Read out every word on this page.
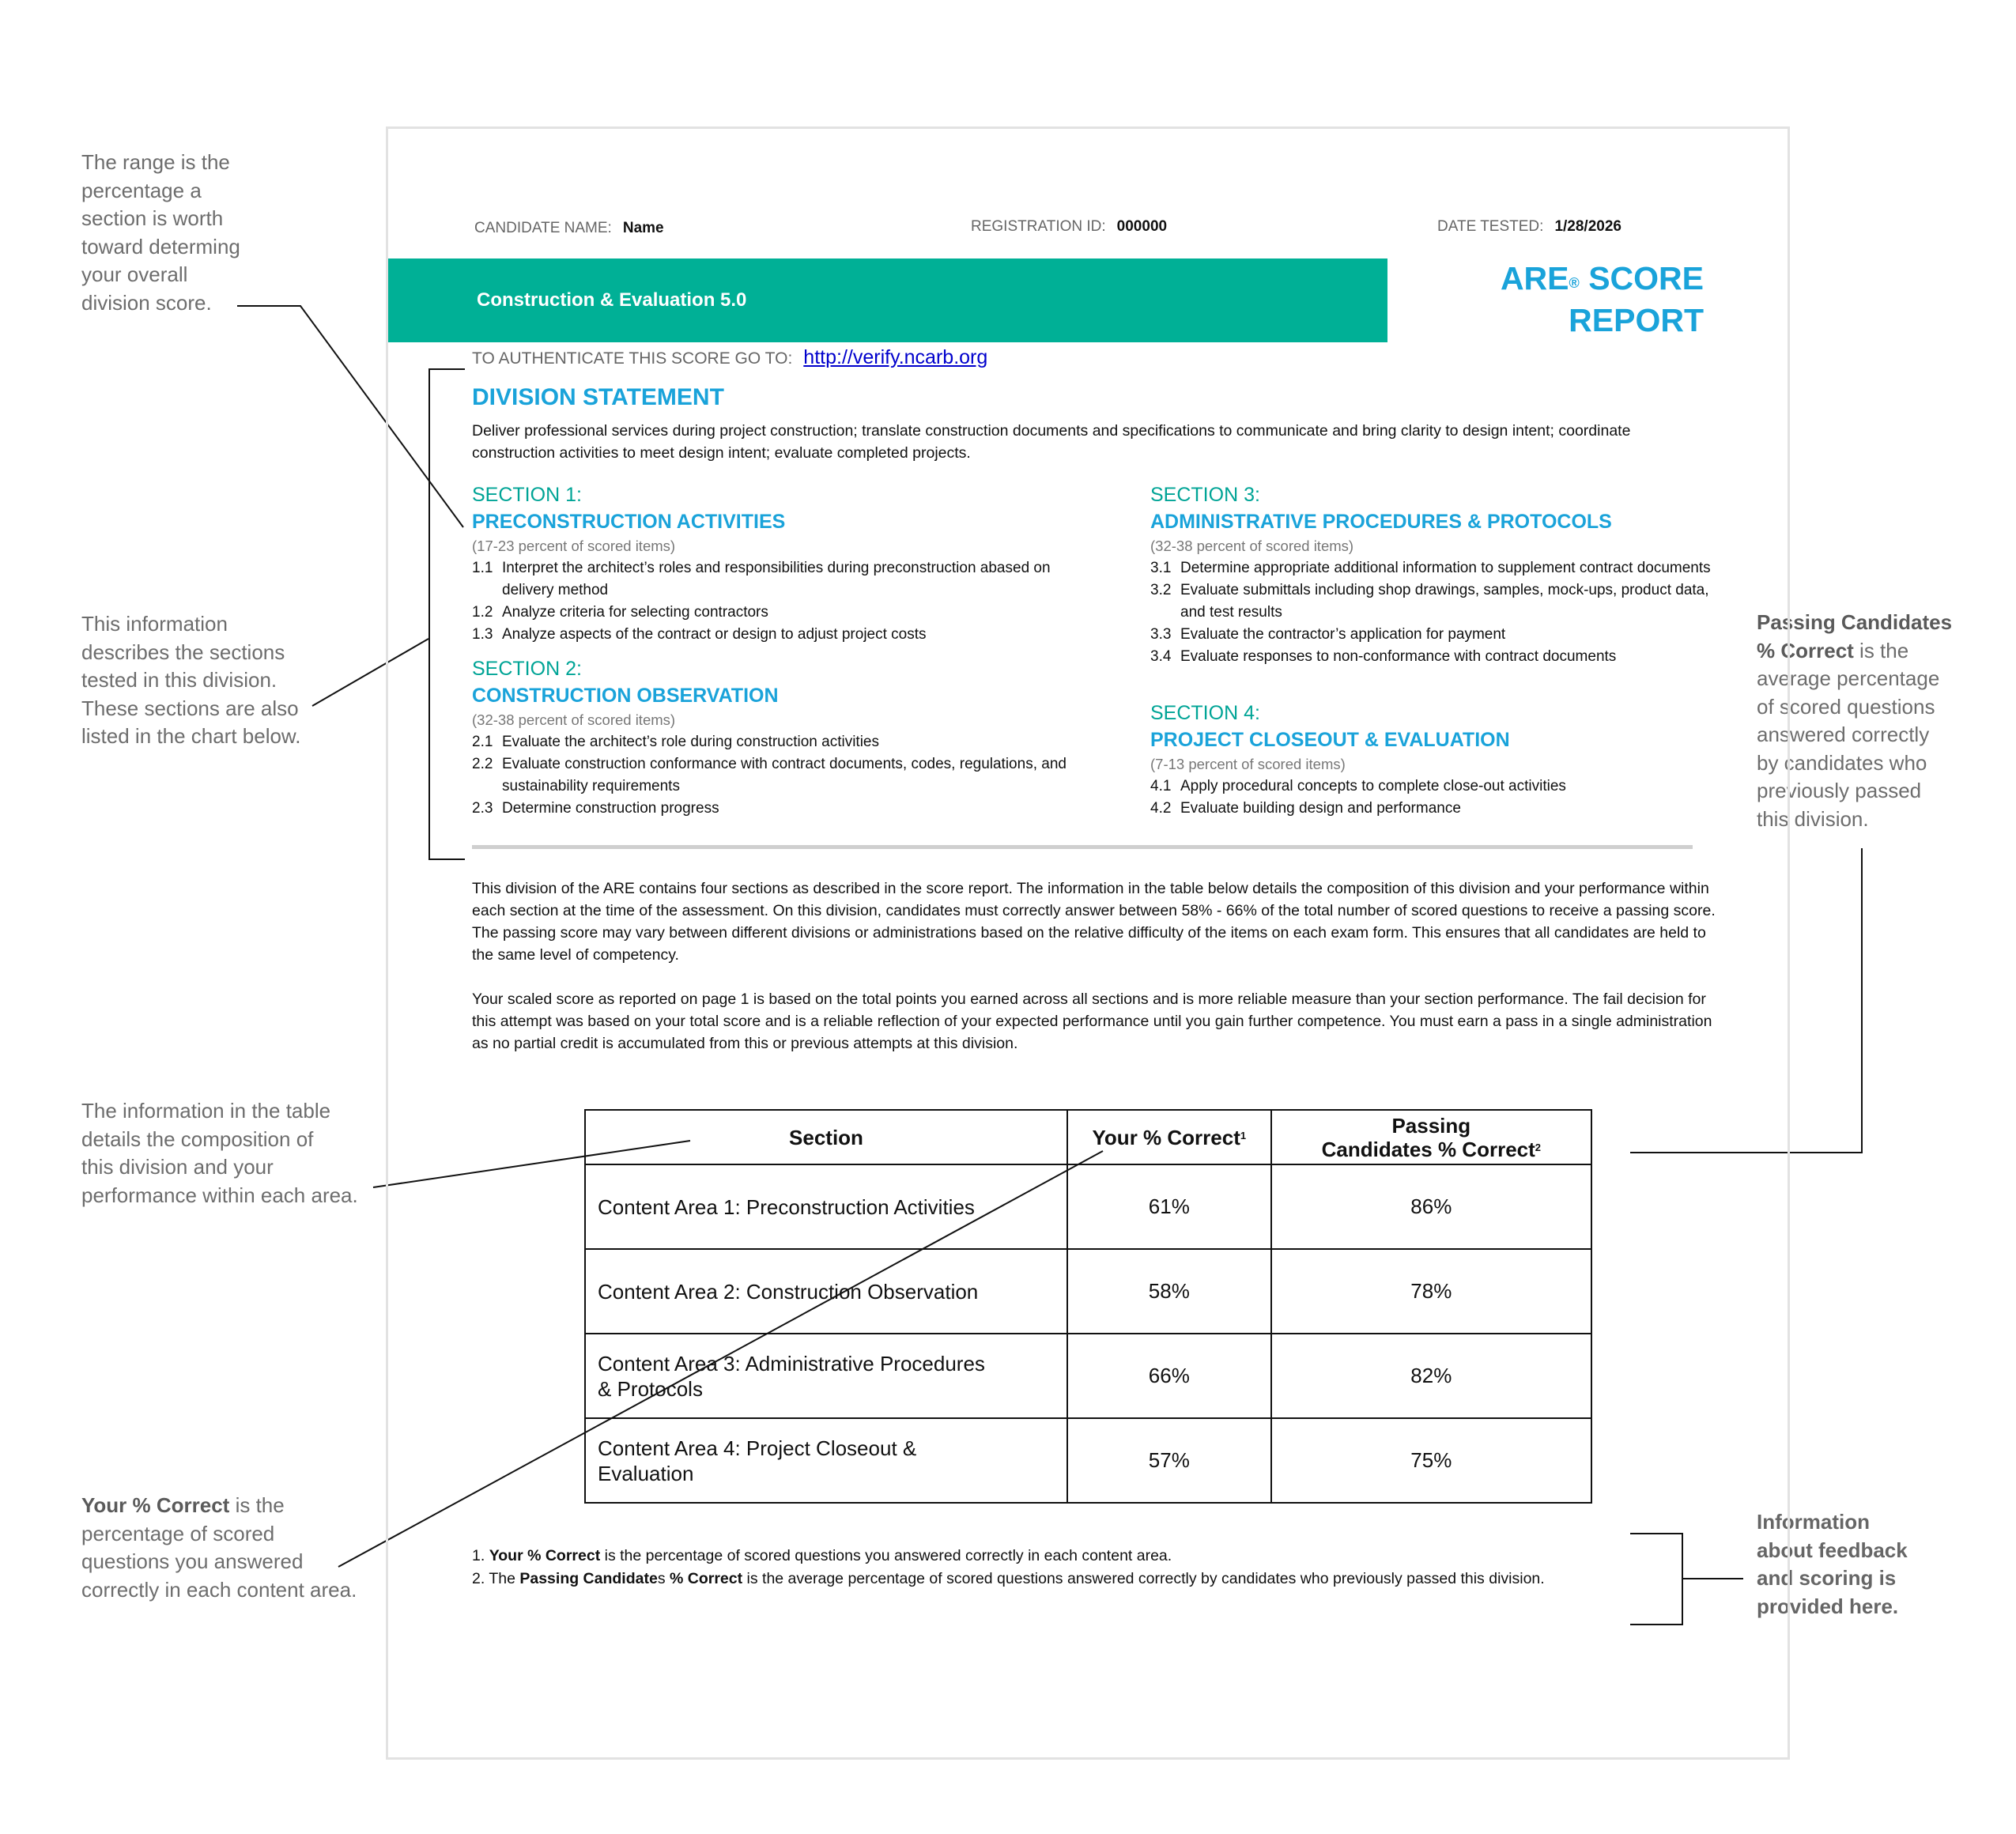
The range is the
percentage a
section is worth
toward determing
your overall
division score.
This information
describes the sections
tested in this division.
These sections are also
listed in the chart below.
The information in the table
details the composition of
this division and your
performance within each area.
Your % Correct is the
percentage of scored
questions you answered
correctly in each content area.
Passing Candidates
% Correct is the
average percentage
of scored questions
answered correctly
by candidates who
previously passed
this division.
Information
about feedback
and scoring is
provided here.
CANDIDATE NAME: Name	REGISTRATION ID: 000000	DATE TESTED: 1/28/2026
Construction & Evaluation 5.0
ARE® SCORE
REPORT
TO AUTHENTICATE THIS SCORE GO TO: http://verify.ncarb.org
DIVISION STATEMENT
Deliver professional services during project construction; translate construction documents and specifications to communicate and bring clarity to design intent; coordinate construction activities to meet design intent; evaluate completed projects.
SECTION 1:
PRECONSTRUCTION ACTIVITIES
(17-23 percent of scored items)
1.1 Interpret the architect’s roles and responsibilities during preconstruction abased on delivery method
1.2 Analyze criteria for selecting contractors
1.3 Analyze aspects of the contract or design to adjust project costs
SECTION 2:
CONSTRUCTION OBSERVATION
(32-38 percent of scored items)
2.1 Evaluate the architect’s role during construction activities
2.2 Evaluate construction conformance with contract documents, codes, regulations, and sustainability requirements
2.3 Determine construction progress
SECTION 3:
ADMINISTRATIVE PROCEDURES & PROTOCOLS
(32-38 percent of scored items)
3.1 Determine appropriate additional information to supplement contract documents
3.2 Evaluate submittals including shop drawings, samples, mock-ups, product data, and test results
3.3 Evaluate the contractor’s application for payment
3.4 Evaluate responses to non-conformance with contract documents
SECTION 4:
PROJECT CLOSEOUT & EVALUATION
(7-13 percent of scored items)
4.1 Apply procedural concepts to complete close-out activities
4.2 Evaluate building design and performance
This division of the ARE contains four sections as described in the score report. The information in the table below details the composition of this division and your performance within each section at the time of the assessment. On this division, candidates must correctly answer between 58% - 66% of the total number of scored questions to receive a passing score. The passing score may vary between different divisions or administrations based on the relative difficulty of the items on each exam form. This ensures that all candidates are held to the same level of competency.
Your scaled score as reported on page 1 is based on the total points you earned across all sections and is more reliable measure than your section performance. The fail decision for this attempt was based on your total score and is a reliable reflection of your expected performance until you gain further competence. You must earn a pass in a single administration as no partial credit is accumulated from this or previous attempts at this division.
Section	Your % Correct$^1$	Passing
Candidates % Correct$^2$

Content Area 1: Preconstruction Activities	61%	86%

Content Area 2: Construction Observation	58%	78%

Content Area 3: Administrative Procedures
& Protocols	66%	82%

Content Area 4: Project Closeout &
Evaluation	57%	75%
1. Your % Correct is the percentage of scored questions you answered correctly in each content area.
2. The Passing Candidates % Correct is the average percentage of scored questions answered correctly by candidates who previously passed this division.
